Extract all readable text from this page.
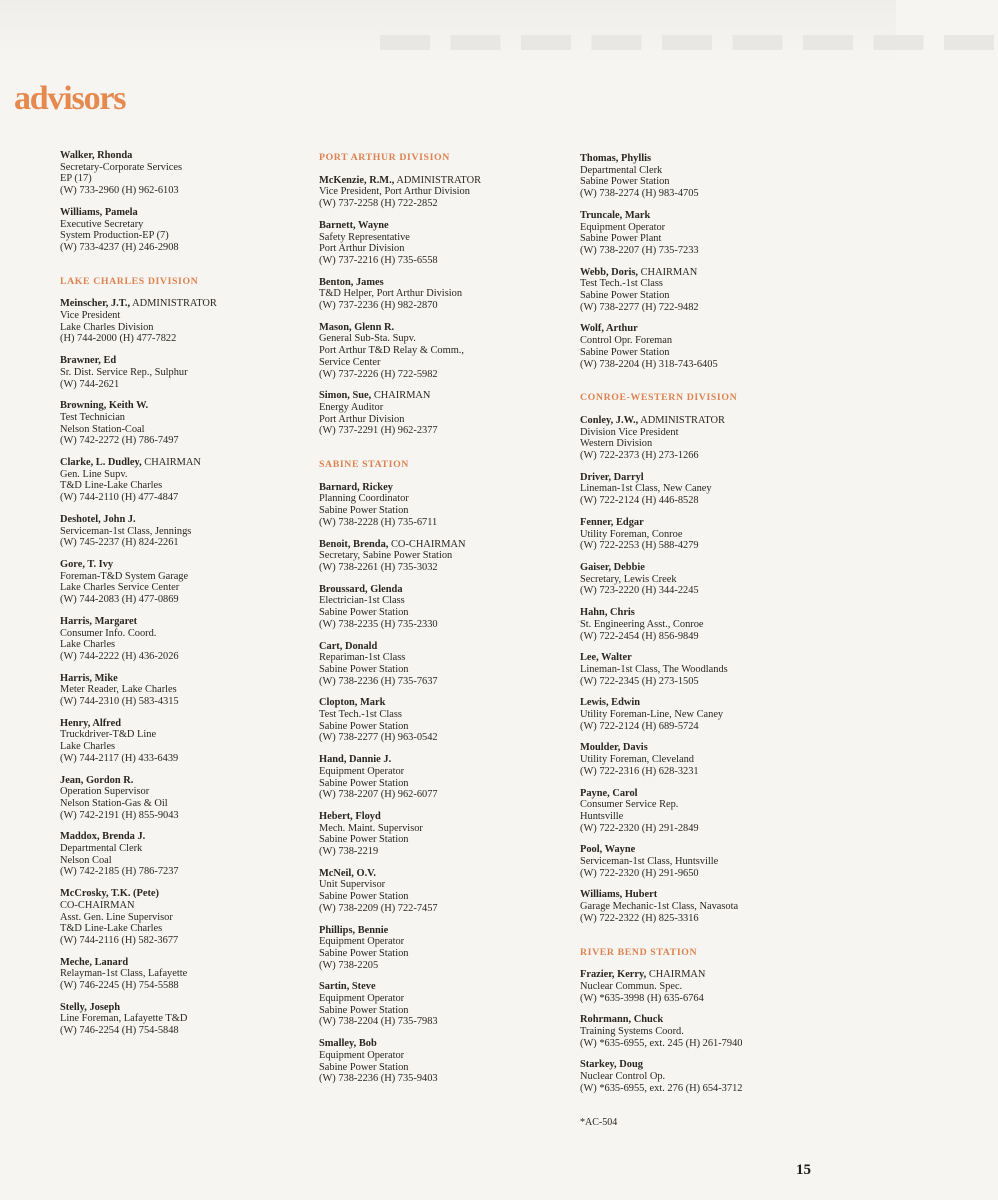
▬ ▬ ▬ ▬ ▬ ▬ ▬ ▬ ▬
advisors
Walker, Rhonda
Secretary-Corporate Services
EP (17)
(W) 733-2960 (H) 962-6103
Williams, Pamela
Executive Secretary
System Production-EP (7)
(W) 733-4237 (H) 246-2908
LAKE CHARLES DIVISION
Meinscher, J.T., ADMINISTRATOR
Vice President
Lake Charles Division
(H) 744-2000 (H) 477-7822
Brawner, Ed
Sr. Dist. Service Rep., Sulphur
(W) 744-2621
Browning, Keith W.
Test Technician
Nelson Station-Coal
(W) 742-2272 (H) 786-7497
Clarke, L. Dudley, CHAIRMAN
Gen. Line Supv.
T&D Line-Lake Charles
(W) 744-2110 (H) 477-4847
Deshotel, John J.
Serviceman-1st Class, Jennings
(W) 745-2237 (H) 824-2261
Gore, T. Ivy
Foreman-T&D System Garage
Lake Charles Service Center
(W) 744-2083 (H) 477-0869
Harris, Margaret
Consumer Info. Coord.
Lake Charles
(W) 744-2222 (H) 436-2026
Harris, Mike
Meter Reader, Lake Charles
(W) 744-2310 (H) 583-4315
Henry, Alfred
Truckdriver-T&D Line
Lake Charles
(W) 744-2117 (H) 433-6439
Jean, Gordon R.
Operation Supervisor
Nelson Station-Gas & Oil
(W) 742-2191 (H) 855-9043
Maddox, Brenda J.
Departmental Clerk
Nelson Coal
(W) 742-2185 (H) 786-7237
McCrosky, T.K. (Pete)
CO-CHAIRMAN
Asst. Gen. Line Supervisor
T&D Line-Lake Charles
(W) 744-2116 (H) 582-3677
Meche, Lanard
Relayman-1st Class, Lafayette
(W) 746-2245 (H) 754-5588
Stelly, Joseph
Line Foreman, Lafayette T&D
(W) 746-2254 (H) 754-5848
PORT ARTHUR DIVISION
McKenzie, R.M., ADMINISTRATOR
Vice President, Port Arthur Division
(W) 737-2258 (H) 722-2852
Barnett, Wayne
Safety Representative
Port Arthur Division
(W) 737-2216 (H) 735-6558
Benton, James
T&D Helper, Port Arthur Division
(W) 737-2236 (H) 982-2870
Mason, Glenn R.
General Sub-Sta. Supv.
Port Arthur T&D Relay & Comm.,
Service Center
(W) 737-2226 (H) 722-5982
Simon, Sue, CHAIRMAN
Energy Auditor
Port Arthur Division
(W) 737-2291 (H) 962-2377
SABINE STATION
Barnard, Rickey
Planning Coordinator
Sabine Power Station
(W) 738-2228 (H) 735-6711
Benoit, Brenda, CO-CHAIRMAN
Secretary, Sabine Power Station
(W) 738-2261 (H) 735-3032
Broussard, Glenda
Electrician-1st Class
Sabine Power Station
(W) 738-2235 (H) 735-2330
Cart, Donald
Repariman-1st Class
Sabine Power Station
(W) 738-2236 (H) 735-7637
Clopton, Mark
Test Tech.-1st Class
Sabine Power Station
(W) 738-2277 (H) 963-0542
Hand, Dannie J.
Equipment Operator
Sabine Power Station
(W) 738-2207 (H) 962-6077
Hebert, Floyd
Mech. Maint. Supervisor
Sabine Power Station
(W) 738-2219
McNeil, O.V.
Unit Supervisor
Sabine Power Station
(W) 738-2209 (H) 722-7457
Phillips, Bennie
Equipment Operator
Sabine Power Station
(W) 738-2205
Sartin, Steve
Equipment Operator
Sabine Power Station
(W) 738-2204 (H) 735-7983
Smalley, Bob
Equipment Operator
Sabine Power Station
(W) 738-2236 (H) 735-9403
Thomas, Phyllis
Departmental Clerk
Sabine Power Station
(W) 738-2274 (H) 983-4705
Truncale, Mark
Equipment Operator
Sabine Power Plant
(W) 738-2207 (H) 735-7233
Webb, Doris, CHAIRMAN
Test Tech.-1st Class
Sabine Power Station
(W) 738-2277 (H) 722-9482
Wolf, Arthur
Control Opr. Foreman
Sabine Power Station
(W) 738-2204 (H) 318-743-6405
CONROE-WESTERN DIVISION
Conley, J.W., ADMINISTRATOR
Division Vice President
Western Division
(W) 722-2373 (H) 273-1266
Driver, Darryl
Lineman-1st Class, New Caney
(W) 722-2124 (H) 446-8528
Fenner, Edgar
Utility Foreman, Conroe
(W) 722-2253 (H) 588-4279
Gaiser, Debbie
Secretary, Lewis Creek
(W) 723-2220 (H) 344-2245
Hahn, Chris
St. Engineering Asst., Conroe
(W) 722-2454 (H) 856-9849
Lee, Walter
Lineman-1st Class, The Woodlands
(W) 722-2345 (H) 273-1505
Lewis, Edwin
Utility Foreman-Line, New Caney
(W) 722-2124 (H) 689-5724
Moulder, Davis
Utility Foreman, Cleveland
(W) 722-2316 (H) 628-3231
Payne, Carol
Consumer Service Rep.
Huntsville
(W) 722-2320 (H) 291-2849
Pool, Wayne
Serviceman-1st Class, Huntsville
(W) 722-2320 (H) 291-9650
Williams, Hubert
Garage Mechanic-1st Class, Navasota
(W) 722-2322 (H) 825-3316
RIVER BEND STATION
Frazier, Kerry, CHAIRMAN
Nuclear Commun. Spec.
(W) *635-3998 (H) 635-6764
Rohrmann, Chuck
Training Systems Coord.
(W) *635-6955, ext. 245 (H) 261-7940
Starkey, Doug
Nuclear Control Op.
(W) *635-6955, ext. 276 (H) 654-3712
*AC-504
15
